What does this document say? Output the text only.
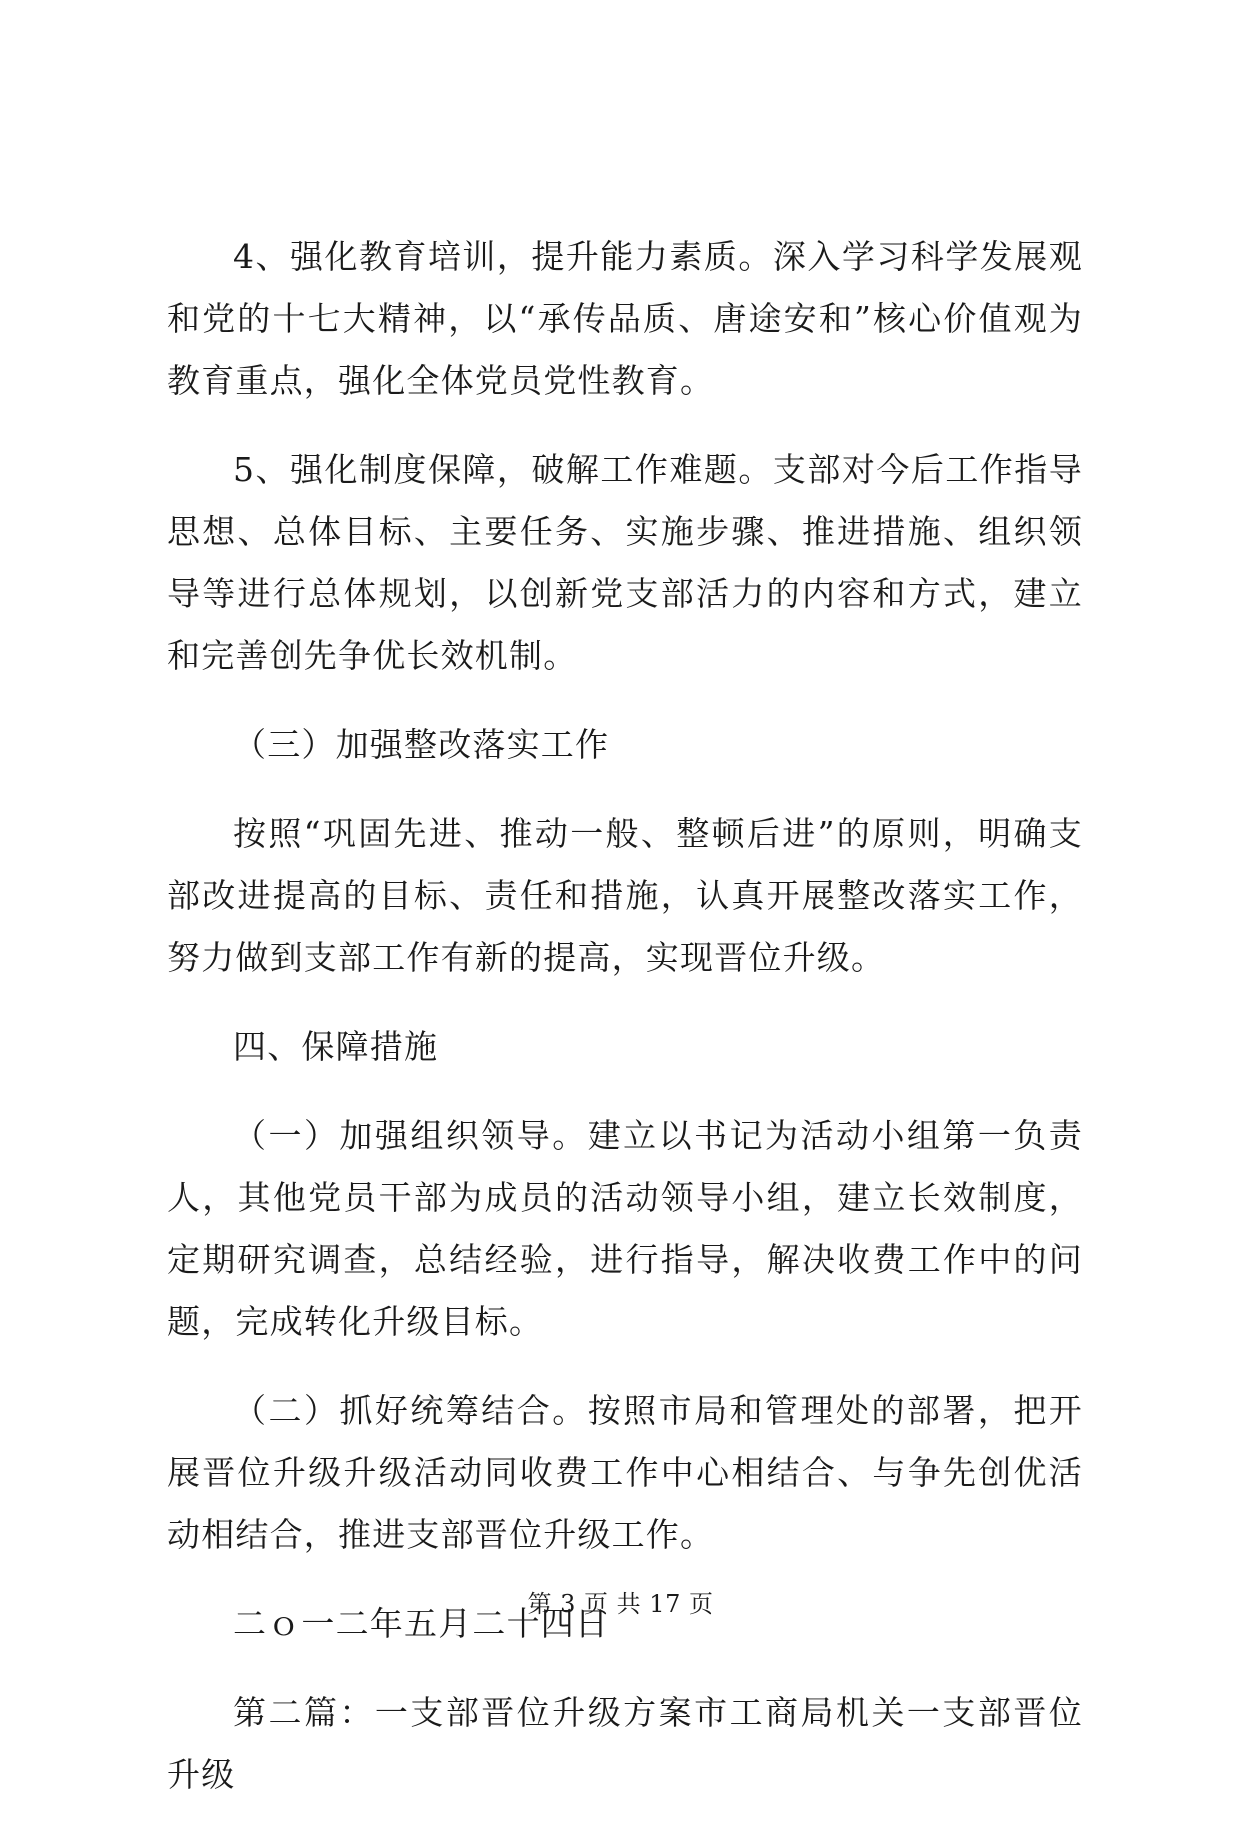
4、强化教育培训，提升能力素质。深入学习科学发展观和党的十七大精神，以“承传品质、唐途安和”核心价值观为教育重点，强化全体党员党性教育。

5、强化制度保障，破解工作难题。支部对今后工作指导思想、总体目标、主要任务、实施步骤、推进措施、组织领导等进行总体规划，以创新党支部活力的内容和方式，建立和完善创先争优长效机制。

（三）加强整改落实工作

按照“巩固先进、推动一般、整顿后进”的原则，明确支部改进提高的目标、责任和措施，认真开展整改落实工作，努力做到支部工作有新的提高，实现晋位升级。

四、保障措施

（一）加强组织领导。建立以书记为活动小组第一负责人，其他党员干部为成员的活动领导小组，建立长效制度，定期研究调查，总结经验，进行指导，解决收费工作中的问题，完成转化升级目标。

（二）抓好统筹结合。按照市局和管理处的部署，把开展晋位升级升级活动同收费工作中心相结合、与争先创优活动相结合，推进支部晋位升级工作。

二ｏ一二年五月二十四日

第二篇：一支部晋位升级方案市工商局机关一支部晋位升级

第 3 页 共 17 页
